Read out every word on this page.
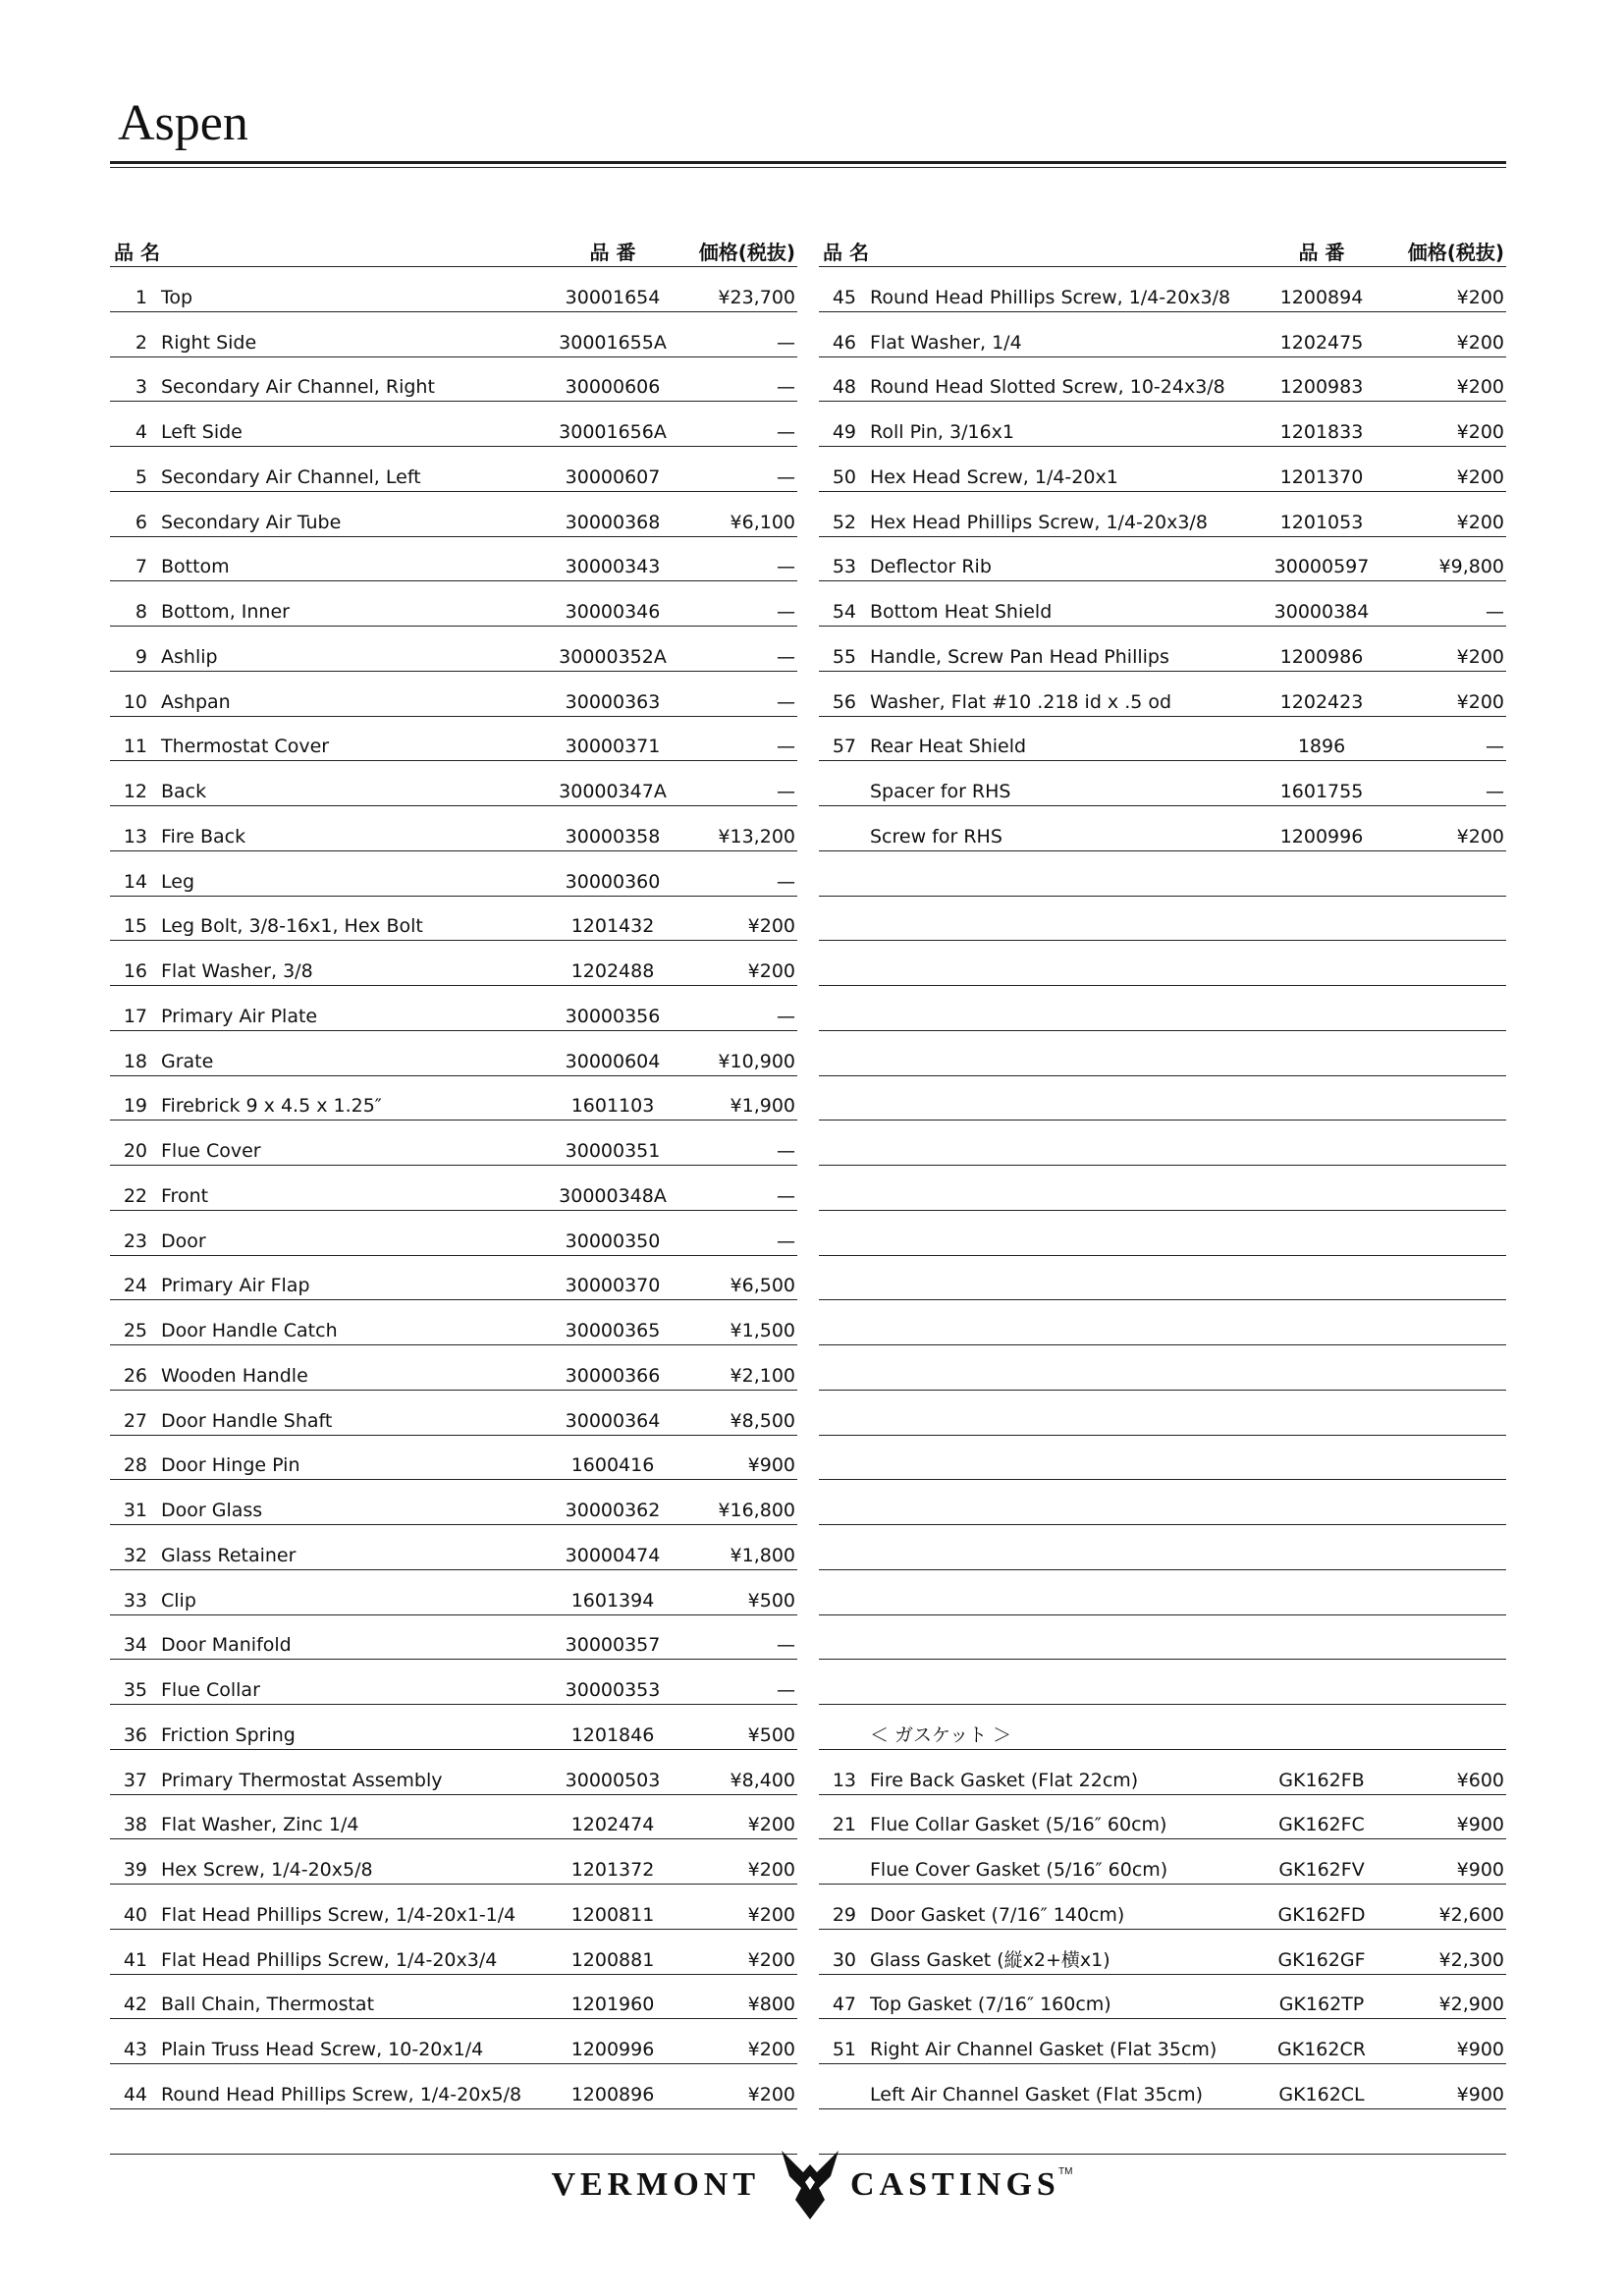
Aspen
品 名	品 番	価格(税抜)
1 Top	30001654	¥23,700
2 Right Side	30001655A	—
3 Secondary Air Channel, Right	30000606	—
4 Left Side	30001656A	—
5 Secondary Air Channel, Left	30000607	—
6 Secondary Air Tube	30000368	¥6,100
7 Bottom	30000343	—
8 Bottom, Inner	30000346	—
9 Ashlip	30000352A	—
10 Ashpan	30000363	—
11 Thermostat Cover	30000371	—
12 Back	30000347A	—
13 Fire Back	30000358	¥13,200
14 Leg	30000360	—
15 Leg Bolt, 3/8-16x1, Hex Bolt	1201432	¥200
16 Flat Washer, 3/8	1202488	¥200
17 Primary Air Plate	30000356	—
18 Grate	30000604	¥10,900
19 Firebrick 9 x 4.5 x 1.25″	1601103	¥1,900
20 Flue Cover	30000351	—
22 Front	30000348A	—
23 Door	30000350	—
24 Primary Air Flap	30000370	¥6,500
25 Door Handle Catch	30000365	¥1,500
26 Wooden Handle	30000366	¥2,100
27 Door Handle Shaft	30000364	¥8,500
28 Door Hinge Pin	1600416	¥900
31 Door Glass	30000362	¥16,800
32 Glass Retainer	30000474	¥1,800
33 Clip	1601394	¥500
34 Door Manifold	30000357	—
35 Flue Collar	30000353	—
36 Friction Spring	1201846	¥500
37 Primary Thermostat Assembly	30000503	¥8,400
38 Flat Washer, Zinc 1/4	1202474	¥200
39 Hex Screw, 1/4-20x5/8	1201372	¥200
40 Flat Head Phillips Screw, 1/4-20x1-1/4	1200811	¥200
41 Flat Head Phillips Screw, 1/4-20x3/4	1200881	¥200
42 Ball Chain, Thermostat	1201960	¥800
43 Plain Truss Head Screw, 10-20x1/4	1200996	¥200
44 Round Head Phillips Screw, 1/4-20x5/8	1200896	¥200
品 名	品 番	価格(税抜)
45 Round Head Phillips Screw, 1/4-20x3/8	1200894	¥200
46 Flat Washer, 1/4	1202475	¥200
48 Round Head Slotted Screw, 10-24x3/8	1200983	¥200
49 Roll Pin, 3/16x1	1201833	¥200
50 Hex Head Screw, 1/4-20x1	1201370	¥200
52 Hex Head Phillips Screw, 1/4-20x3/8	1201053	¥200
53 Deflector Rib	30000597	¥9,800
54 Bottom Heat Shield	30000384	—
55 Handle, Screw Pan Head Phillips	1200986	¥200
56 Washer, Flat #10 .218 id x .5 od	1202423	¥200
57 Rear Heat Shield	1896	—
Spacer for RHS	1601755	—
Screw for RHS	1200996	¥200
＜ ガスケット ＞
13 Fire Back Gasket (Flat 22cm)	GK162FB	¥600
21 Flue Collar Gasket (5/16″ 60cm)	GK162FC	¥900
Flue Cover Gasket (5/16″ 60cm)	GK162FV	¥900
29 Door Gasket (7/16″ 140cm)	GK162FD	¥2,600
30 Glass Gasket (縦x2+横x1)	GK162GF	¥2,300
47 Top Gasket (7/16″ 160cm)	GK162TP	¥2,900
51 Right Air Channel Gasket (Flat 35cm)	GK162CR	¥900
Left Air Channel Gasket (Flat 35cm)	GK162CL	¥900
VERMONT	CASTINGS
TM
